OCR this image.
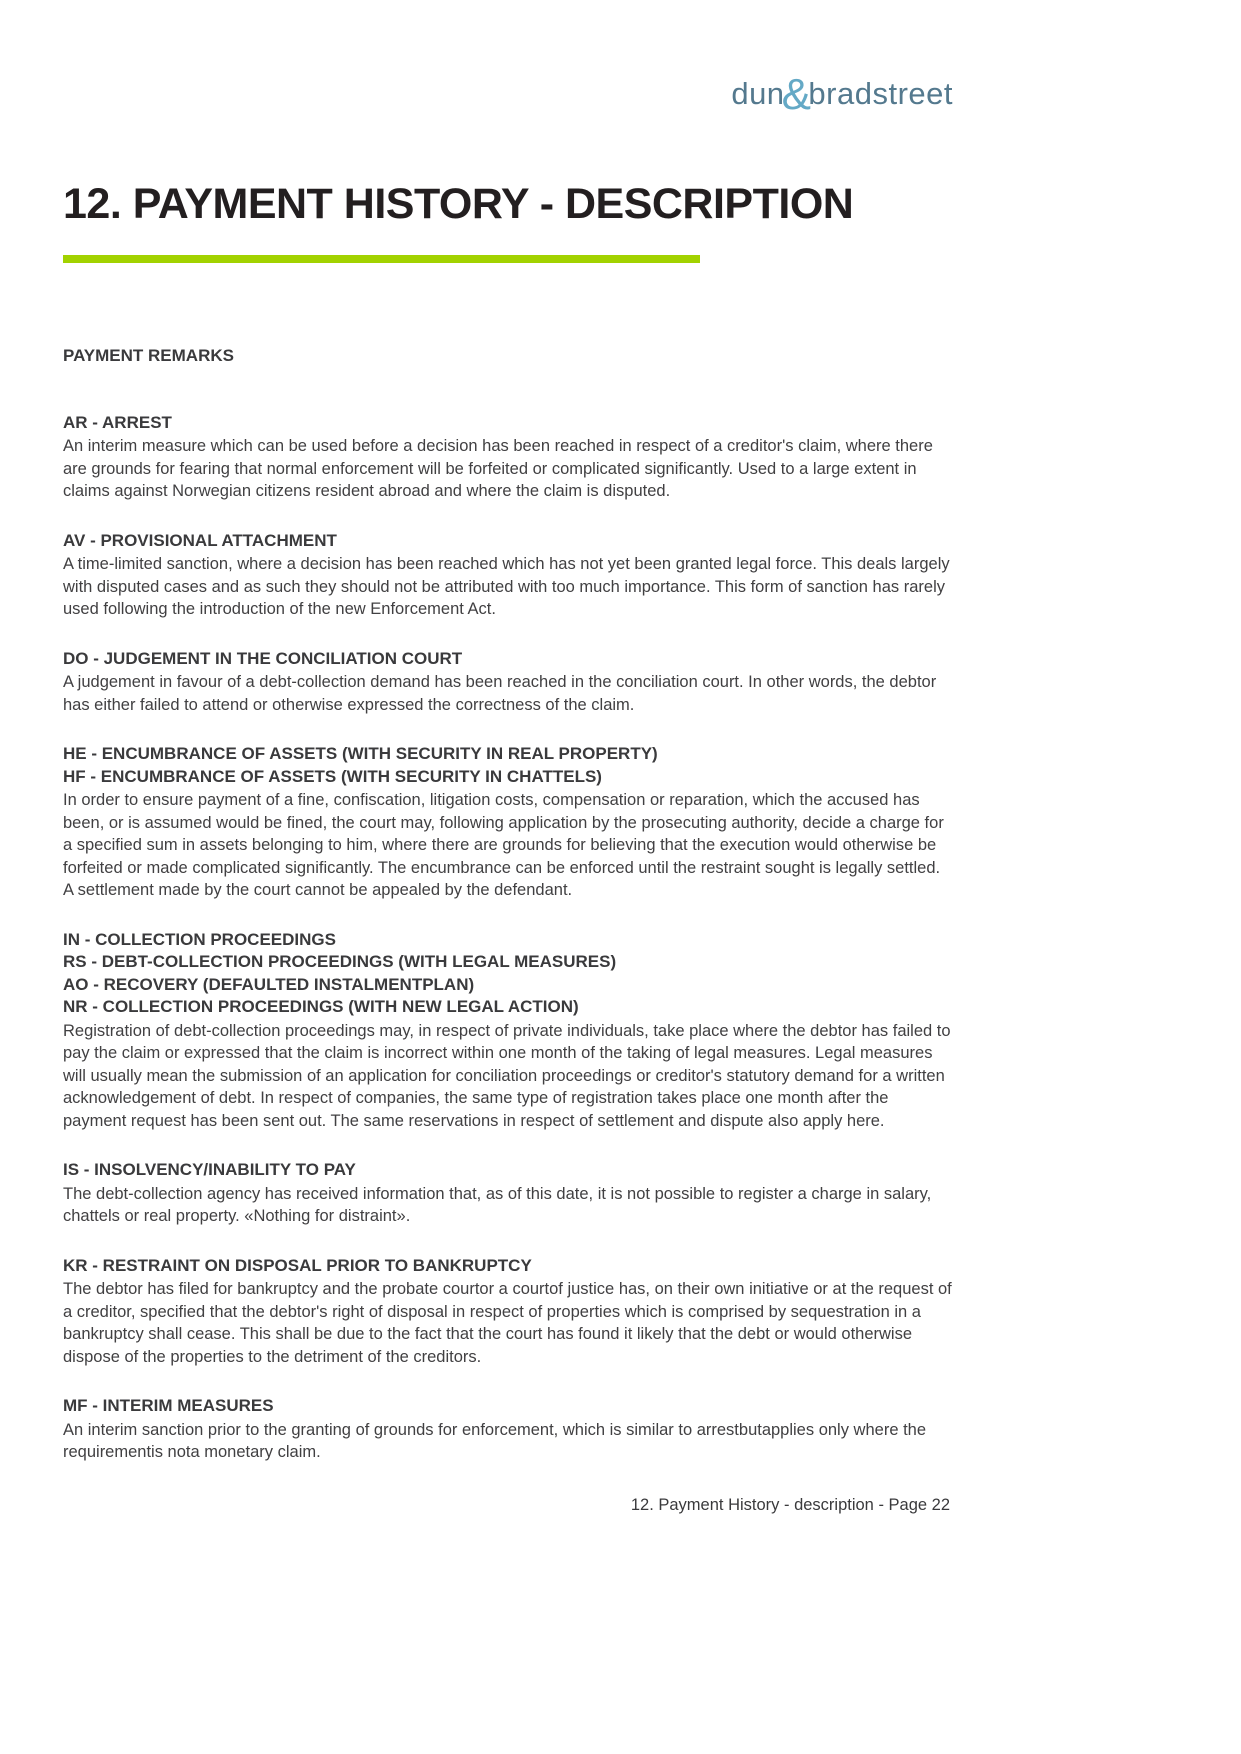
dun&bradstreet
12. PAYMENT HISTORY - DESCRIPTION
PAYMENT REMARKS
AR - ARREST

An interim measure which can be used before a decision has been reached in respect of a creditor's claim, where there are grounds for fearing that normal enforcement will be forfeited or complicated significantly. Used to a large extent in claims against Norwegian citizens resident abroad and where the claim is disputed.

AV - PROVISIONAL ATTACHMENT

A time-limited sanction, where a decision has been reached which has not yet been granted legal force. This deals largely with disputed cases and as such they should not be attributed with too much importance. This form of sanction has rarely used following the introduction of the new Enforcement Act.

DO - JUDGEMENT IN THE CONCILIATION COURT

A judgement in favour of a debt-collection demand has been reached in the conciliation court. In other words, the debtor has either failed to attend or otherwise expressed the correctness of the claim.

HE - ENCUMBRANCE OF ASSETS (WITH SECURITY IN REAL PROPERTY)
HF - ENCUMBRANCE OF ASSETS (WITH SECURITY IN CHATTELS)

In order to ensure payment of a fine, confiscation, litigation costs, compensation or reparation, which the accused has been, or is assumed would be fined, the court may, following application by the prosecuting authority, decide a charge for a specified sum in assets belonging to him, where there are grounds for believing that the execution would otherwise be forfeited or made complicated significantly. The encumbrance can be enforced until the restraint sought is legally settled. A settlement made by the court cannot be appealed by the defendant.

IN - COLLECTION PROCEEDINGS
RS - DEBT-COLLECTION PROCEEDINGS (WITH LEGAL MEASURES)
AO - RECOVERY (DEFAULTED INSTALMENTPLAN)
NR - COLLECTION PROCEEDINGS (WITH NEW LEGAL ACTION)

Registration of debt-collection proceedings may, in respect of private individuals, take place where the debtor has failed to pay the claim or expressed that the claim is incorrect within one month of the taking of legal measures. Legal measures will usually mean the submission of an application for conciliation proceedings or creditor's statutory demand for a written acknowledgement of debt. In respect of companies, the same type of registration takes place one month after the payment request has been sent out. The same reservations in respect of settlement and dispute also apply here.

IS - INSOLVENCY/INABILITY TO PAY

The debt-collection agency has received information that, as of this date, it is not possible to register a charge in salary, chattels or real property. «Nothing for distraint».

KR - RESTRAINT ON DISPOSAL PRIOR TO BANKRUPTCY

The debtor has filed for bankruptcy and the probate courtor a courtof justice has, on their own initiative or at the request of a creditor, specified that the debtor's right of disposal in respect of properties which is comprised by sequestration in a bankruptcy shall cease. This shall be due to the fact that the court has found it likely that the debt or would otherwise dispose of the properties to the detriment of the creditors.

MF - INTERIM MEASURES

An interim sanction prior to the granting of grounds for enforcement, which is similar to arrestbutapplies only where the requirementis nota monetary claim.

12. Payment History - description - Page 22
